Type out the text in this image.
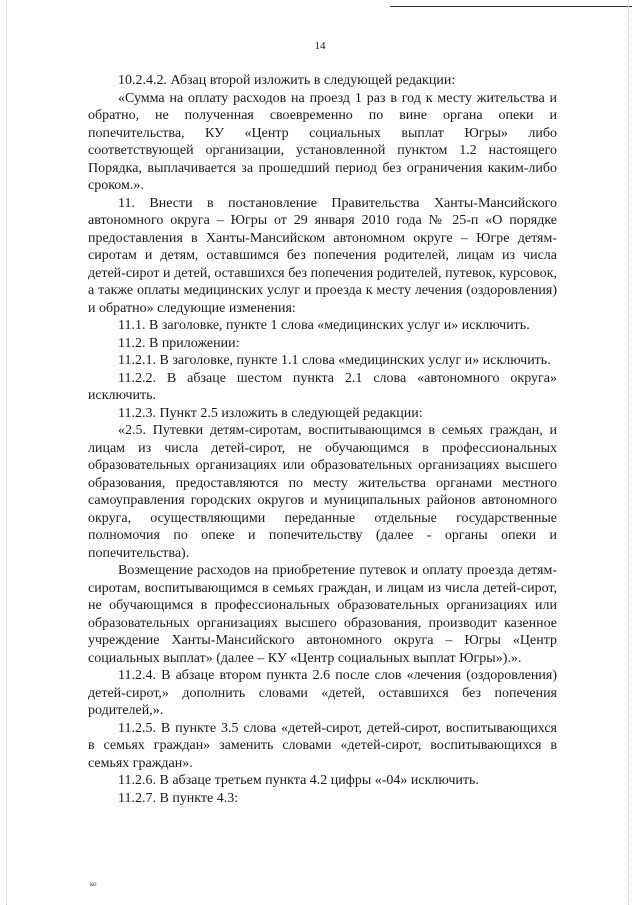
14

10.2.4.2. Абзац второй изложить в следующей редакции:

«Сумма на оплату расходов на проезд 1 раз в год к месту жительства и обратно, не полученная своевременно по вине органа опеки и попечительства, КУ «Центр социальных выплат Югры» либо соответствующей организации, установленной пунктом 1.2 настоящего Порядка, выплачивается за прошедший период без ограничения каким-либо сроком.».

11. Внести в постановление Правительства Ханты-Мансийского автономного округа – Югры от 29 января 2010 года № 25-п «О порядке предоставления в Ханты-Мансийском автономном округе – Югре детям-сиротам и детям, оставшимся без попечения родителей, лицам из числа детей-сирот и детей, оставшихся без попечения родителей, путевок, курсовок, а также оплаты медицинских услуг и проезда к месту лечения (оздоровления) и обратно» следующие изменения:

11.1. В заголовке, пункте 1 слова «медицинских услуг и» исключить.

11.2. В приложении:

11.2.1. В заголовке, пункте 1.1 слова «медицинских услуг и» исключить.

11.2.2. В абзаце шестом пункта 2.1 слова «автономного округа» исключить.

11.2.3. Пункт 2.5 изложить в следующей редакции:

«2.5. Путевки детям-сиротам, воспитывающимся в семьях граждан, и лицам из числа детей-сирот, не обучающимся в профессиональных образовательных организациях или образовательных организациях высшего образования, предоставляются по месту жительства органами местного самоуправления городских округов и муниципальных районов автономного округа, осуществляющими переданные отдельные государственные полномочия по опеке и попечительству (далее - органы опеки и попечительства).

Возмещение расходов на приобретение путевок и оплату проезда детям-сиротам, воспитывающимся в семьях граждан, и лицам из числа детей-сирот, не обучающимся в профессиональных образовательных организациях или образовательных организациях высшего образования, производит казенное учреждение Ханты-Мансийского автономного округа – Югры «Центр социальных выплат» (далее – КУ «Центр социальных выплат Югры»).».

11.2.4. В абзаце втором пункта 2.6 после слов «лечения (оздоровления) детей-сирот,» дополнить словами «детей, оставшихся без попечения родителей,».

11.2.5. В пункте 3.5 слова «детей-сирот, детей-сирот, воспитывающихся в семьях граждан» заменить словами «детей-сирот, воспитывающихся в семьях граждан».

11.2.6. В абзаце третьем пункта 4.2 цифры «-04» исключить.

11.2.7. В пункте 4.3:

ко
